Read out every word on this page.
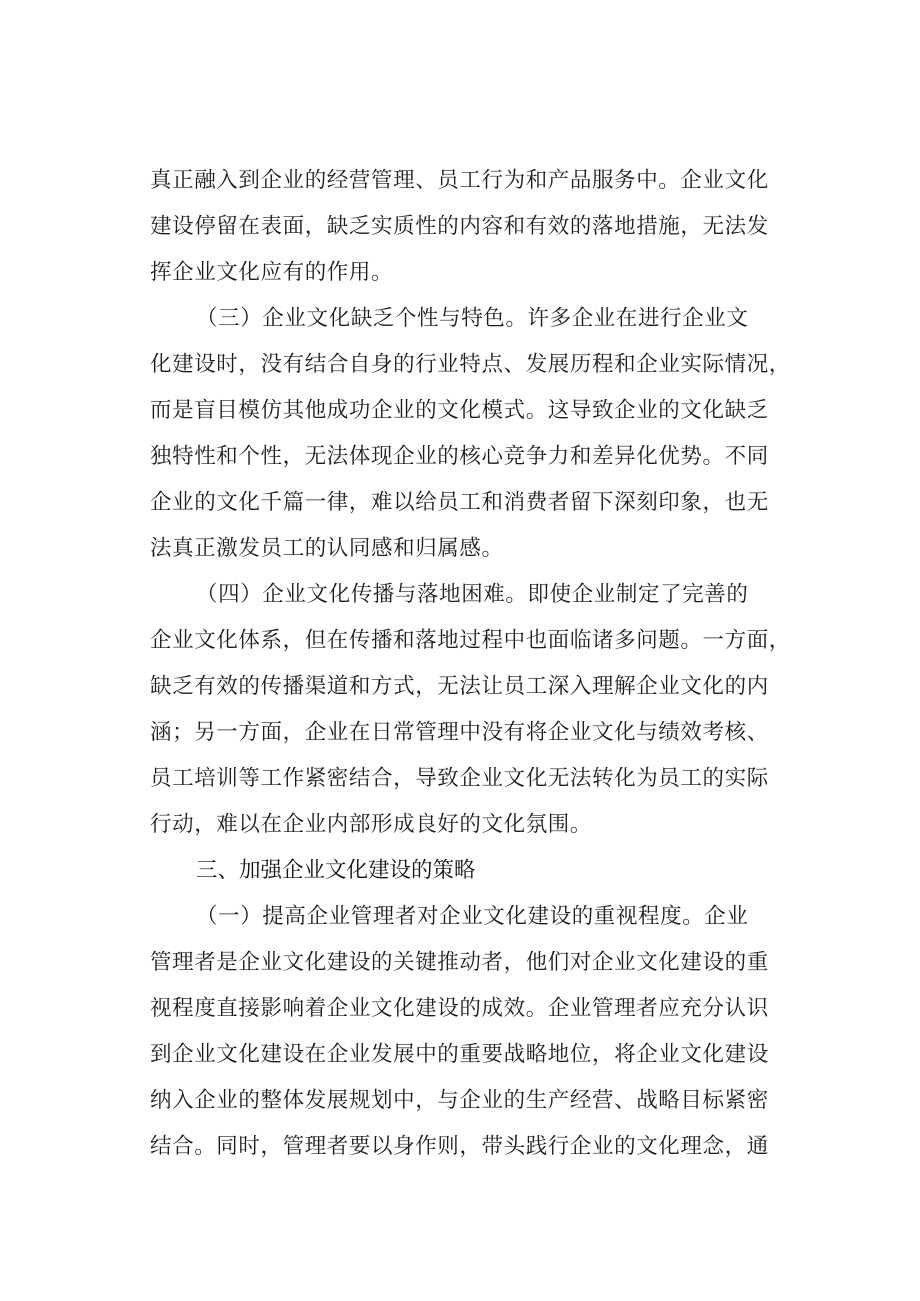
真正融入到企业的经营管理、员工行为和产品服务中。企业文化
建设停留在表面，缺乏实质性的内容和有效的落地措施，无法发
挥企业文化应有的作用。
（三）企业文化缺乏个性与特色。许多企业在进行企业文
化建设时，没有结合自身的行业特点、发展历程和企业实际情况，
而是盲目模仿其他成功企业的文化模式。这导致企业的文化缺乏
独特性和个性，无法体现企业的核心竞争力和差异化优势。不同
企业的文化千篇一律，难以给员工和消费者留下深刻印象，也无
法真正激发员工的认同感和归属感。
（四）企业文化传播与落地困难。即使企业制定了完善的
企业文化体系，但在传播和落地过程中也面临诸多问题。一方面，
缺乏有效的传播渠道和方式，无法让员工深入理解企业文化的内
涵；另一方面，企业在日常管理中没有将企业文化与绩效考核、
员工培训等工作紧密结合，导致企业文化无法转化为员工的实际
行动，难以在企业内部形成良好的文化氛围。
三、加强企业文化建设的策略
（一）提高企业管理者对企业文化建设的重视程度。企业
管理者是企业文化建设的关键推动者，他们对企业文化建设的重
视程度直接影响着企业文化建设的成效。企业管理者应充分认识
到企业文化建设在企业发展中的重要战略地位，将企业文化建设
纳入企业的整体发展规划中，与企业的生产经营、战略目标紧密
结合。同时，管理者要以身作则，带头践行企业的文化理念，通
